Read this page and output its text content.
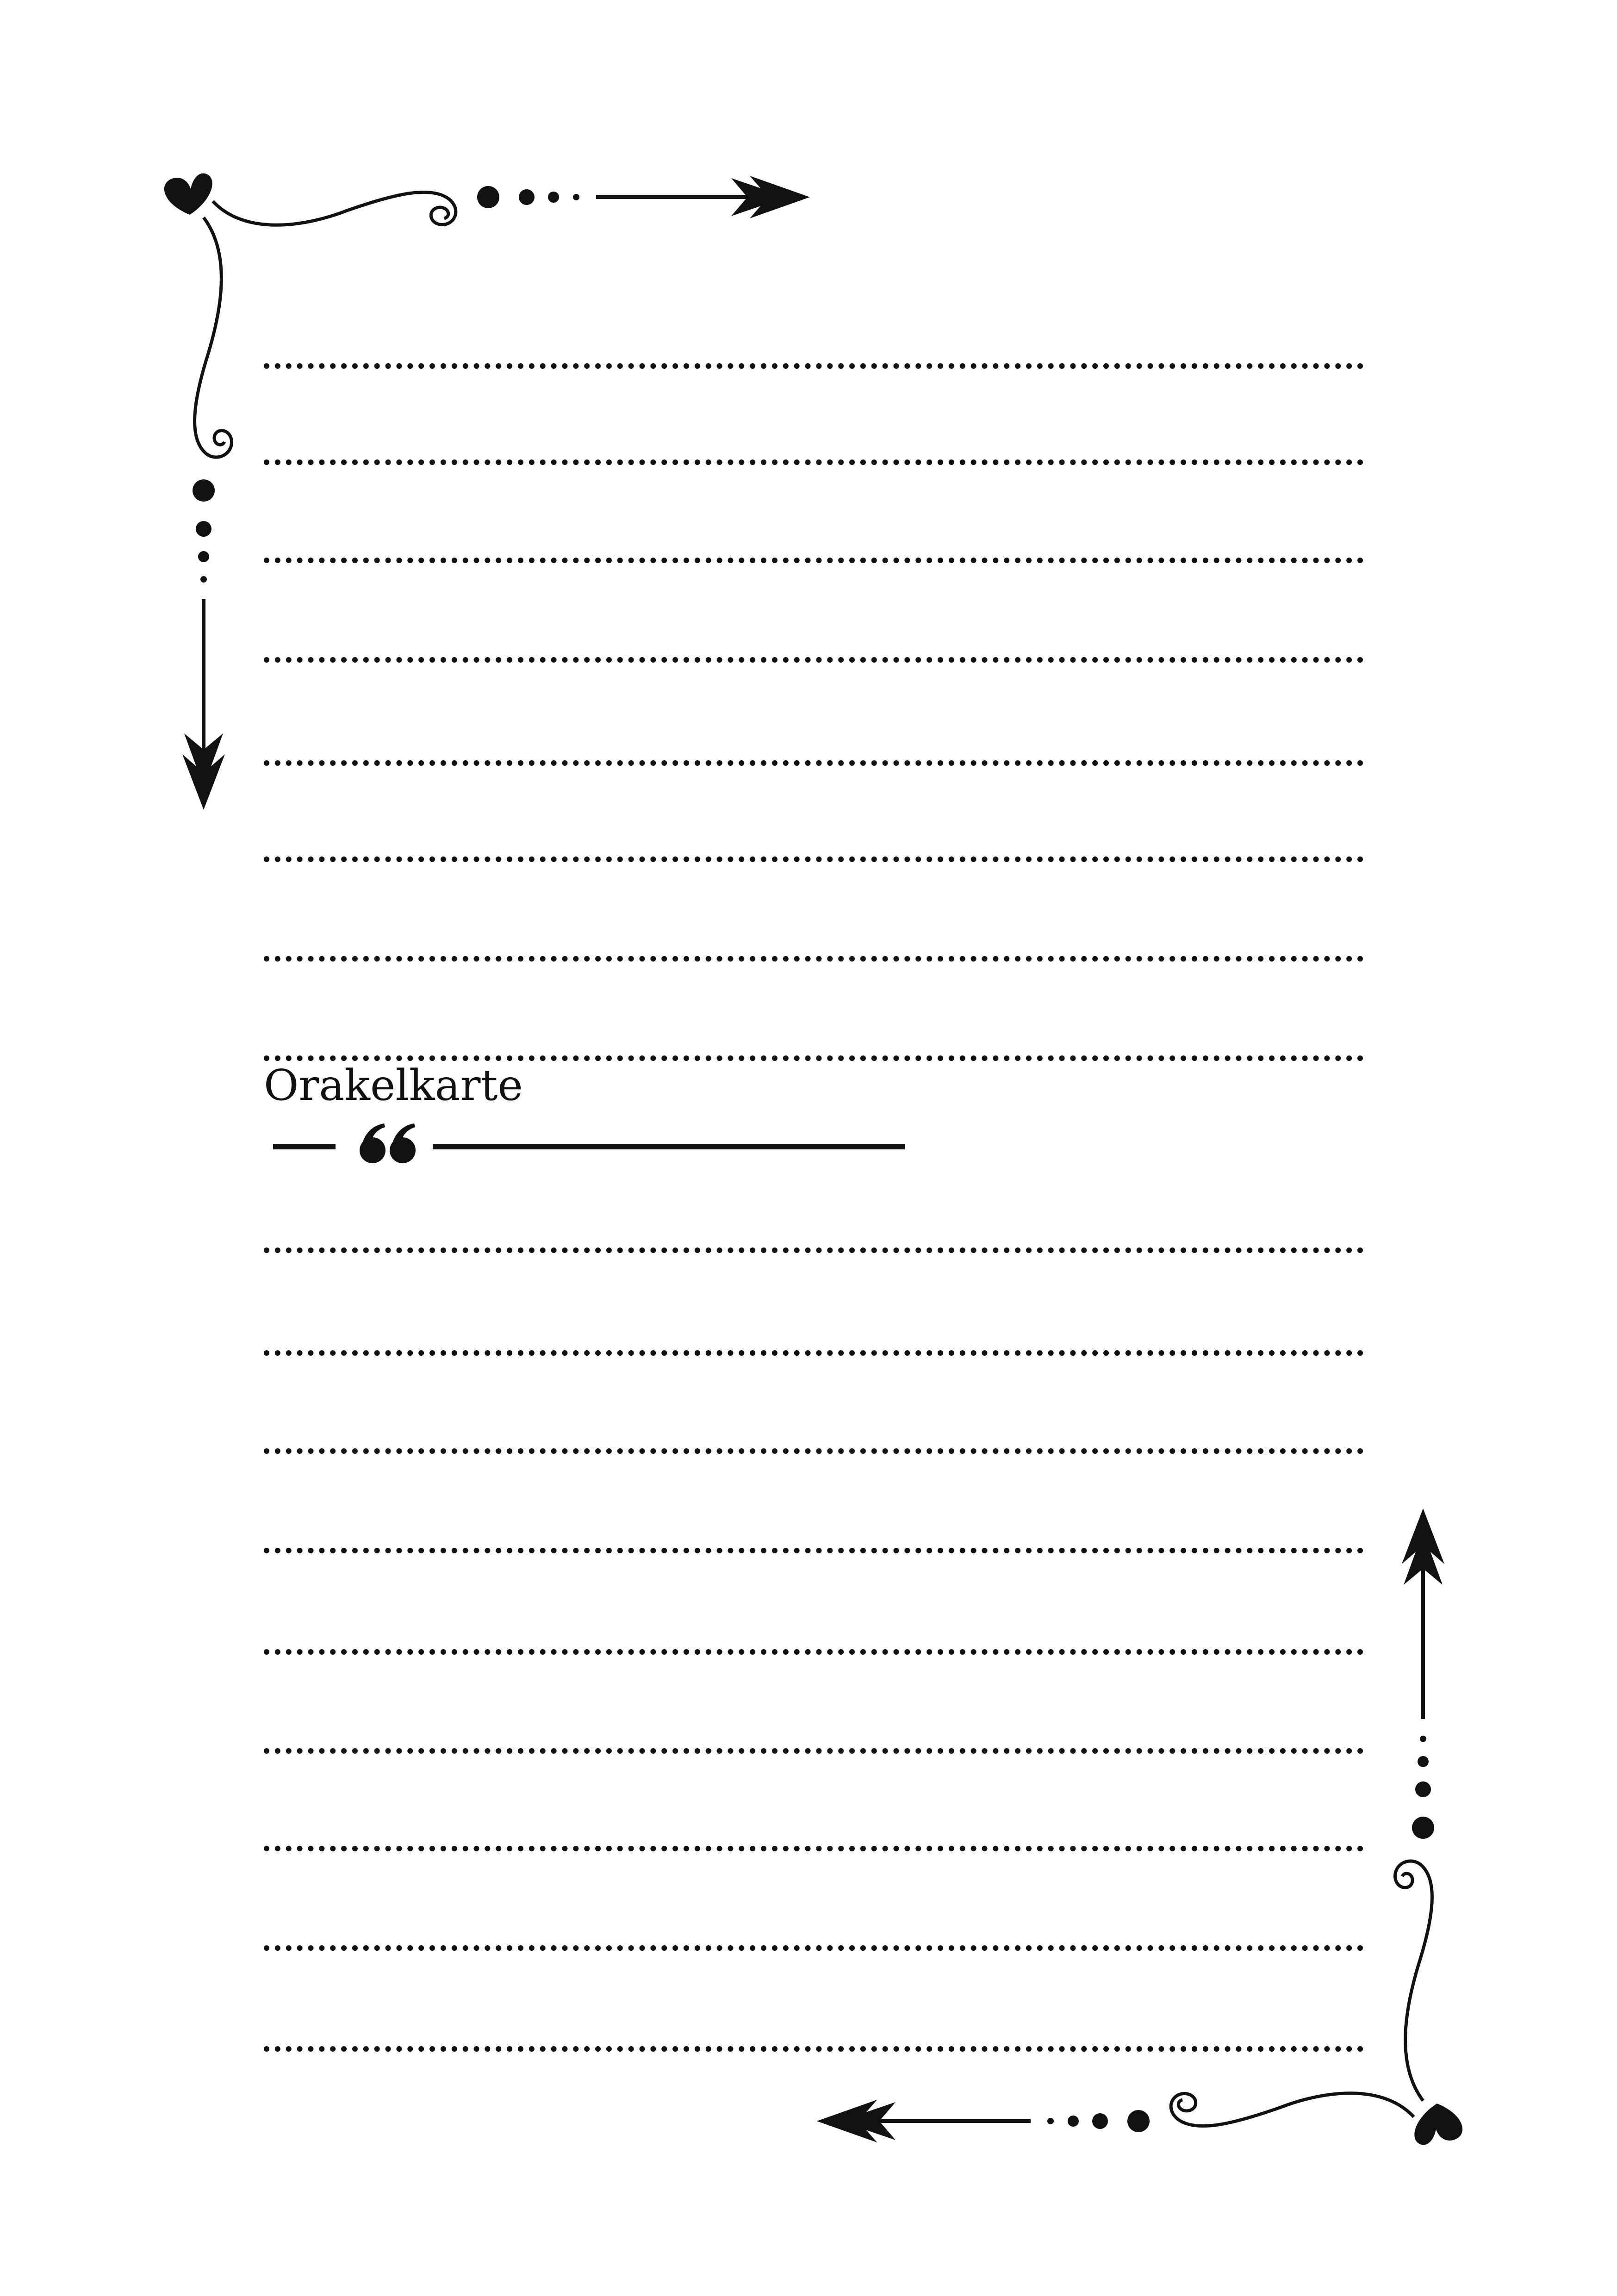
Orakelkarte
